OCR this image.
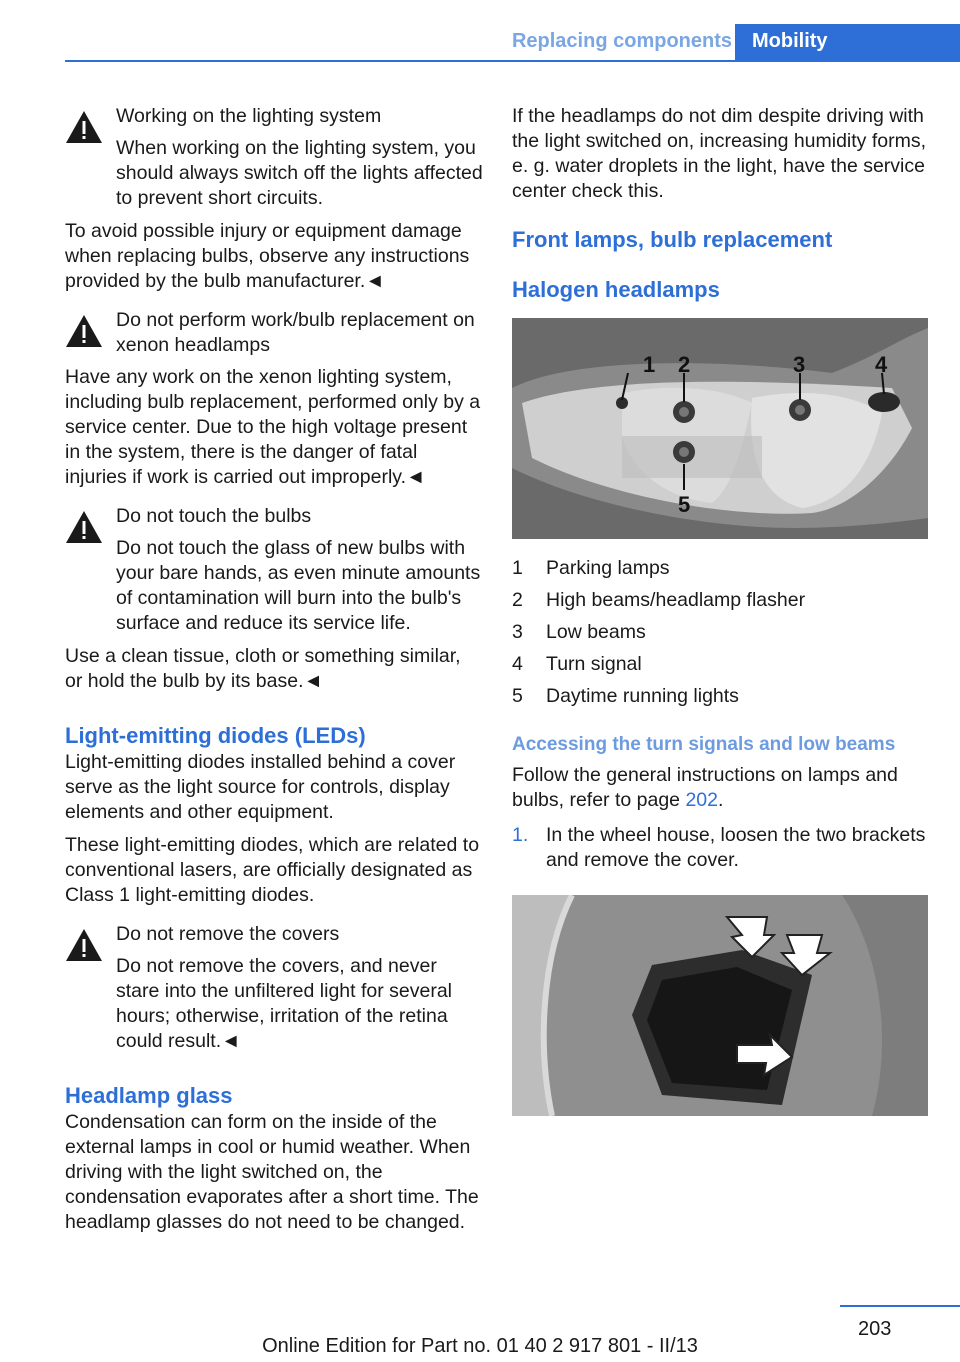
Replacing components	Mobility
Working on the lighting system

When working on the lighting system, you should always switch off the lights affected to prevent short circuits.

To avoid possible injury or equipment damage when replacing bulbs, observe any instructions provided by the bulb manufacturer.◄

Do not perform work/bulb replacement on xenon headlamps

Have any work on the xenon lighting system, including bulb replacement, performed only by a service center. Due to the high voltage present in the system, there is the danger of fatal injuries if work is carried out improperly.◄

Do not touch the bulbs

Do not touch the glass of new bulbs with your bare hands, as even minute amounts of contamination will burn into the bulb's surface and reduce its service life.

Use a clean tissue, cloth or something similar, or hold the bulb by its base.◄

Light-emitting diodes (LEDs)

Light-emitting diodes installed behind a cover serve as the light source for controls, display elements and other equipment.

These light-emitting diodes, which are related to conventional lasers, are officially designated as Class 1 light-emitting diodes.

Do not remove the covers

Do not remove the covers, and never stare into the unfiltered light for several hours; otherwise, irritation of the retina could result.◄

Headlamp glass

Condensation can form on the inside of the external lamps in cool or humid weather. When driving with the light switched on, the condensation evaporates after a short time. The headlamp glasses do not need to be changed.

If the headlamps do not dim despite driving with the light switched on, increasing humidity forms, e. g. water droplets in the light, have the service center check this.

Front lamps, bulb replacement
Halogen headlamps
1 2	3	4
5
1	Parking lamps
2	High beams/headlamp flasher
3	Low beams
4	Turn signal
5	Daytime running lights
Accessing the turn signals and low beams

Follow the general instructions on lamps and bulbs, refer to page 202.

1. In the wheel house, loosen the two brackets and remove the cover.
203
Online Edition for Part no. 01 40 2 917 801 - II/13
